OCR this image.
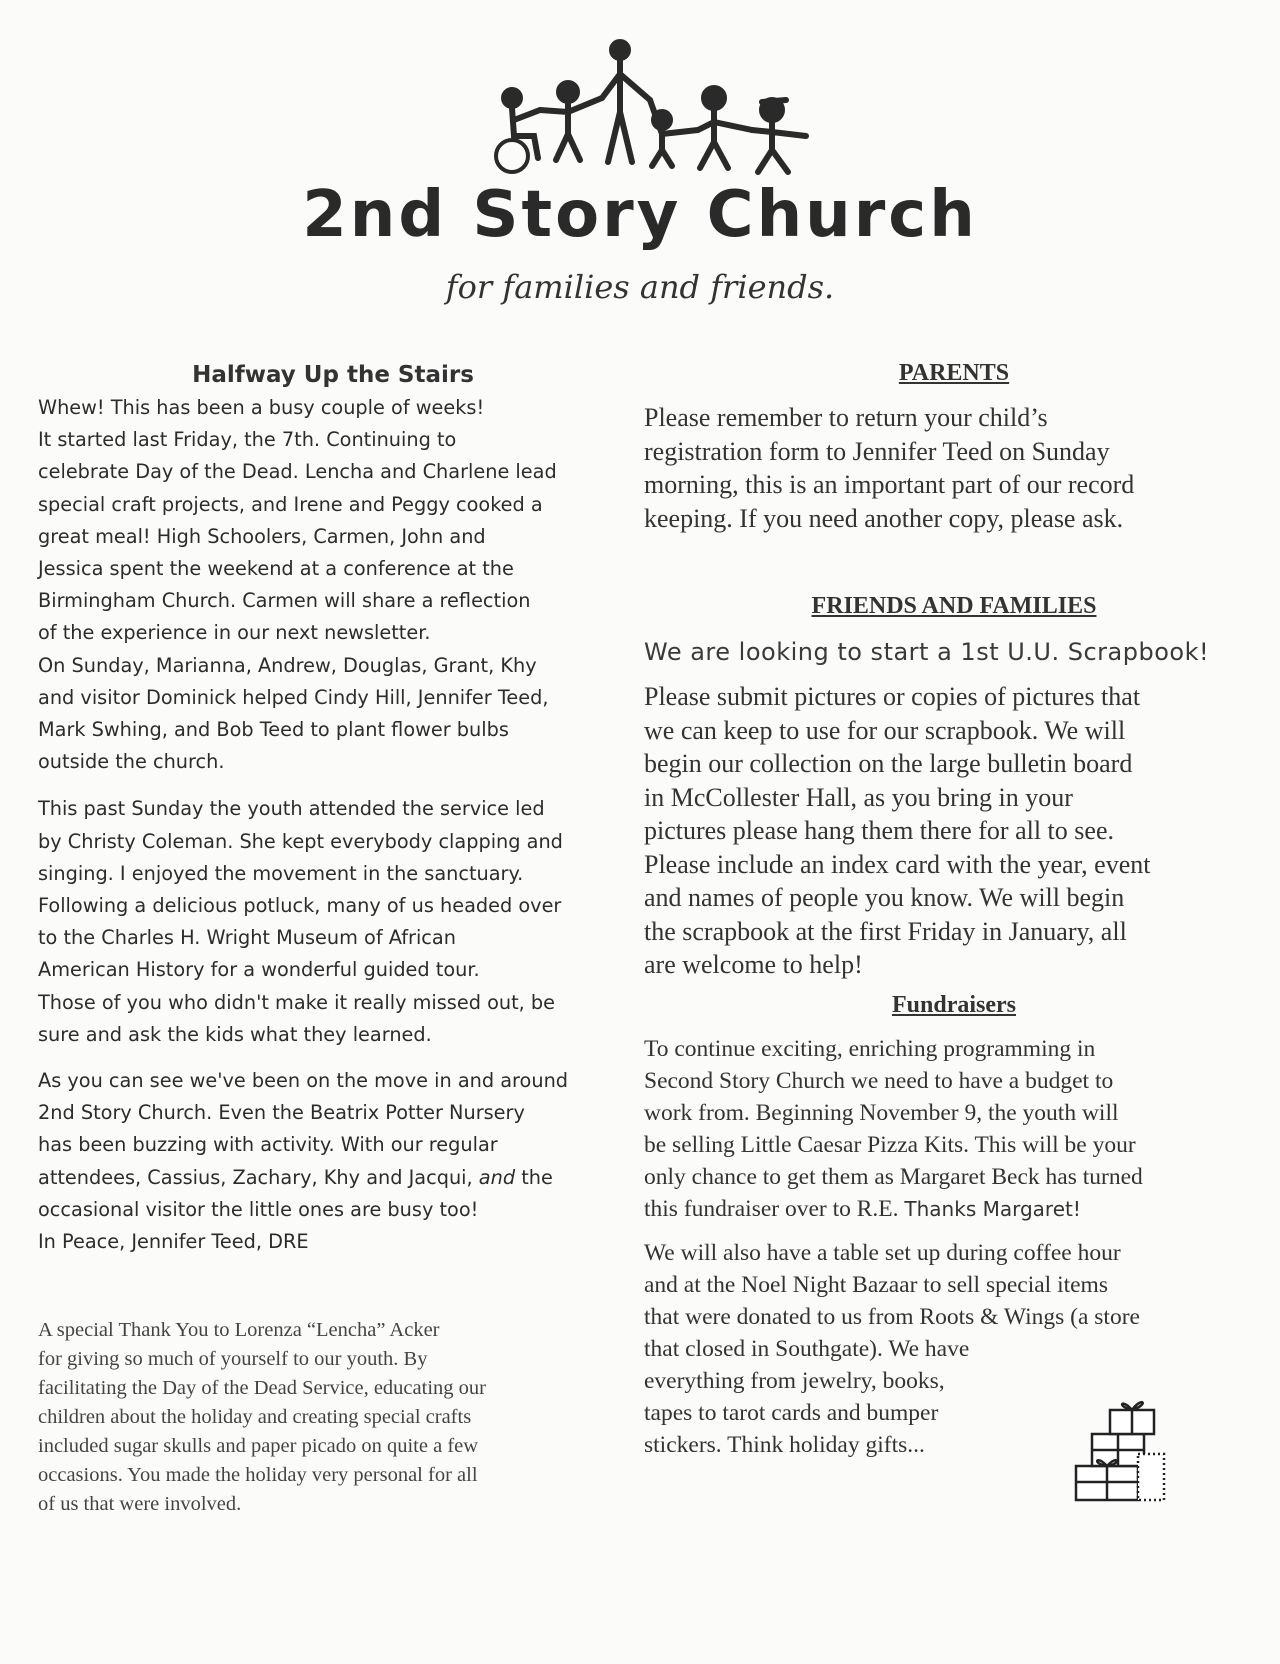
2nd Story Church
for families and friends.
Halfway Up the Stairs
Whew! This has been a busy couple of weeks!
It started last Friday, the 7th. Continuing to
celebrate Day of the Dead. Lencha and Charlene lead
special craft projects, and Irene and Peggy cooked a
great meal! High Schoolers, Carmen, John and
Jessica spent the weekend at a conference at the
Birmingham Church. Carmen will share a reflection
of the experience in our next newsletter.
On Sunday, Marianna, Andrew, Douglas, Grant, Khy
and visitor Dominick helped Cindy Hill, Jennifer Teed,
Mark Swhing, and Bob Teed to plant flower bulbs
outside the church.
This past Sunday the youth attended the service led
by Christy Coleman. She kept everybody clapping and
singing. I enjoyed the movement in the sanctuary.
Following a delicious potluck, many of us headed over
to the Charles H. Wright Museum of African
American History for a wonderful guided tour.
Those of you who didn't make it really missed out, be
sure and ask the kids what they learned.
As you can see we've been on the move in and around
2nd Story Church. Even the Beatrix Potter Nursery
has been buzzing with activity. With our regular
attendees, Cassius, Zachary, Khy and Jacqui, and the
occasional visitor the little ones are busy too!
In Peace, Jennifer Teed, DRE
A special Thank You to Lorenza “Lencha” Acker
for giving so much of yourself to our youth. By
facilitating the Day of the Dead Service, educating our
children about the holiday and creating special crafts
included sugar skulls and paper picado on quite a few
occasions. You made the holiday very personal for all
of us that were involved.
PARENTS
Please remember to return your child’s
registration form to Jennifer Teed on Sunday
morning, this is an important part of our record
keeping. If you need another copy, please ask.
FRIENDS AND FAMILIES

We are looking to start a 1st U.U. Scrapbook!

Please submit pictures or copies of pictures that
we can keep to use for our scrapbook. We will
begin our collection on the large bulletin board
in McCollester Hall, as you bring in your
pictures please hang them there for all to see.
Please include an index card with the year, event
and names of people you know. We will begin
the scrapbook at the first Friday in January, all
are welcome to help!
Fundraisers
To continue exciting, enriching programming in
Second Story Church we need to have a budget to
work from. Beginning November 9, the youth will
be selling Little Caesar Pizza Kits. This will be your
only chance to get them as Margaret Beck has turned
this fundraiser over to R.E. Thanks Margaret!
We will also have a table set up during coffee hour
and at the Noel Night Bazaar to sell special items
that were donated to us from Roots & Wings (a store
that closed in Southgate). We have
everything from jewelry, books,
tapes to tarot cards and bumper
stickers. Think holiday gifts...
